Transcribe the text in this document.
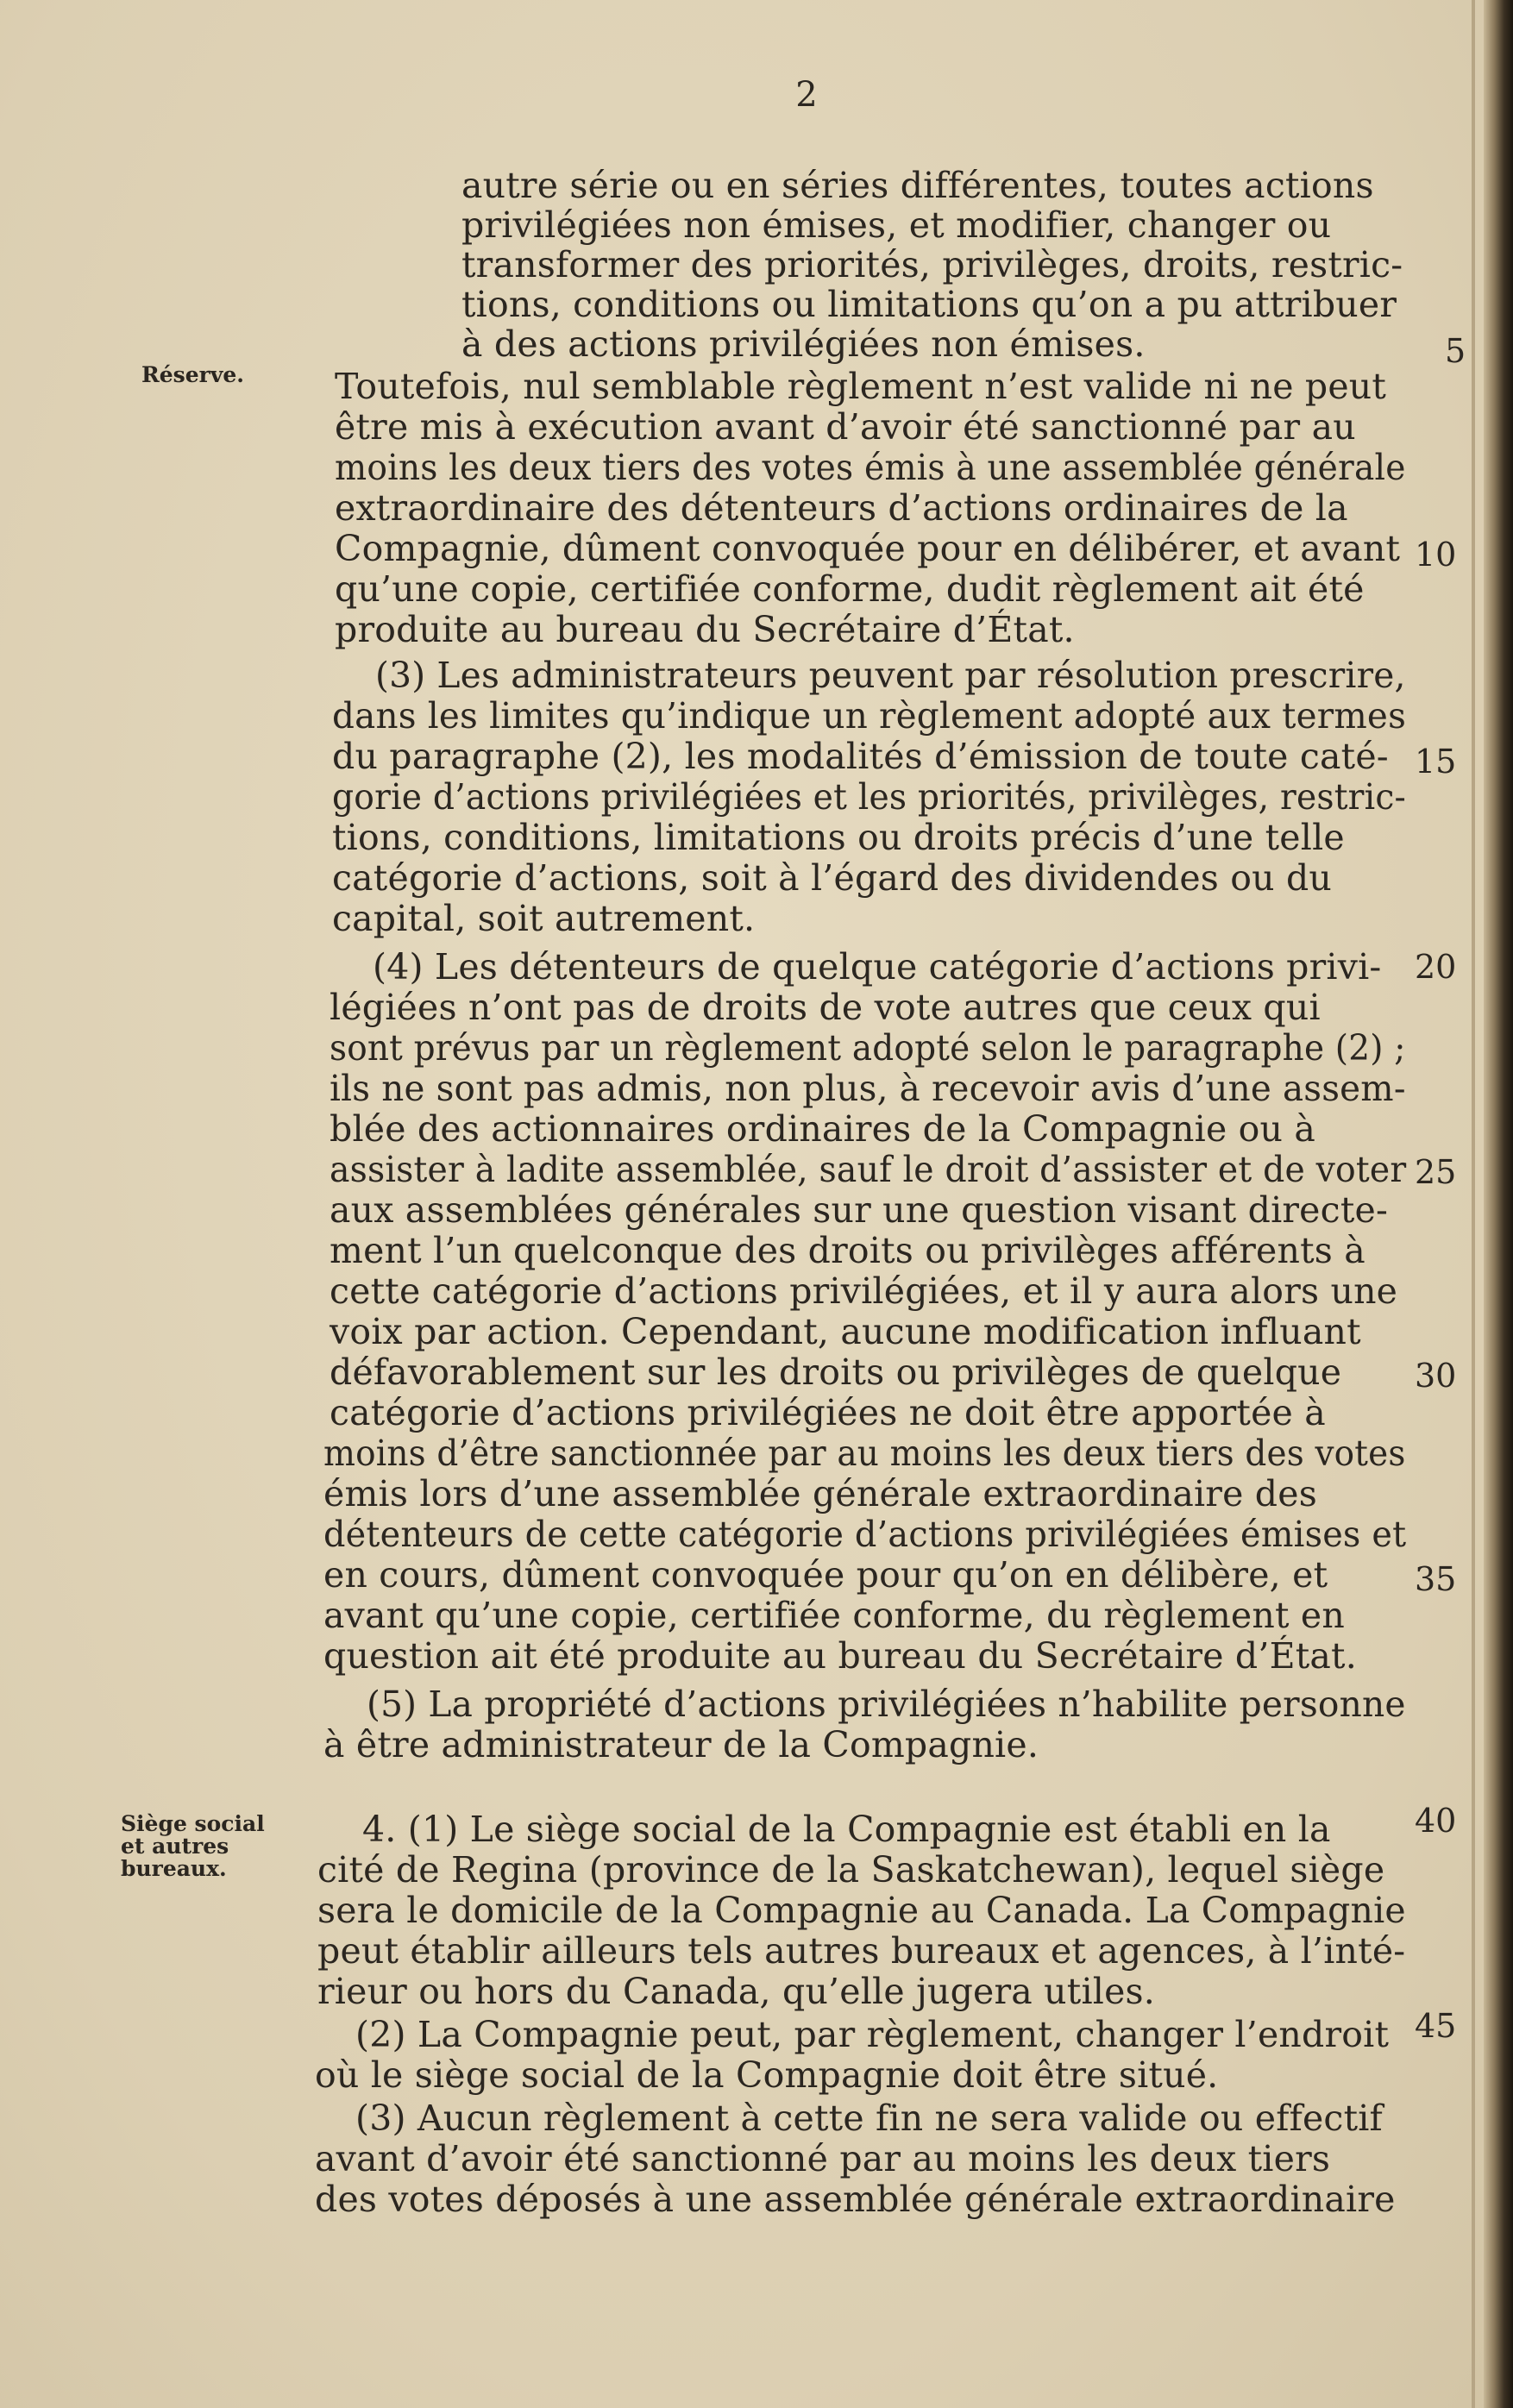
2
Réserve.
Siège social
et autres
bureaux.
5
10
15
20
25
30
35
40
45
autre série ou en séries différentes, toutes actions
privilégiées non émises, et modifier, changer ou
transformer des priorités, privilèges, droits, restric-
tions, conditions ou limitations qu’on a pu attribuer
à des actions privilégiées non émises.
Toutefois, nul semblable règlement n’est valide ni ne peut
être mis à exécution avant d’avoir été sanctionné par au
moins les deux tiers des votes émis à une assemblée générale
extraordinaire des détenteurs d’actions ordinaires de la
Compagnie, dûment convoquée pour en délibérer, et avant
qu’une copie, certifiée conforme, dudit règlement ait été
produite au bureau du Secrétaire d’État.
(3) Les administrateurs peuvent par résolution prescrire,
dans les limites qu’indique un règlement adopté aux termes
du paragraphe (2), les modalités d’émission de toute caté-
gorie d’actions privilégiées et les priorités, privilèges, restric-
tions, conditions, limitations ou droits précis d’une telle
catégorie d’actions, soit à l’égard des dividendes ou du
capital, soit autrement.
(4) Les détenteurs de quelque catégorie d’actions privi-
légiées n’ont pas de droits de vote autres que ceux qui
sont prévus par un règlement adopté selon le paragraphe (2) ;
ils ne sont pas admis, non plus, à recevoir avis d’une assem-
blée des actionnaires ordinaires de la Compagnie ou à
assister à ladite assemblée, sauf le droit d’assister et de voter
aux assemblées générales sur une question visant directe-
ment l’un quelconque des droits ou privilèges afférents à
cette catégorie d’actions privilégiées, et il y aura alors une
voix par action. Cependant, aucune modification influant
défavorablement sur les droits ou privilèges de quelque
catégorie d’actions privilégiées ne doit être apportée à
moins d’être sanctionnée par au moins les deux tiers des votes
émis lors d’une assemblée générale extraordinaire des
détenteurs de cette catégorie d’actions privilégiées émises et
en cours, dûment convoquée pour qu’on en délibère, et
avant qu’une copie, certifiée conforme, du règlement en
question ait été produite au bureau du Secrétaire d’État.
(5) La propriété d’actions privilégiées n’habilite personne
à être administrateur de la Compagnie.
4. (1) Le siège social de la Compagnie est établi en la
cité de Regina (province de la Saskatchewan), lequel siège
sera le domicile de la Compagnie au Canada. La Compagnie
peut établir ailleurs tels autres bureaux et agences, à l’inté-
rieur ou hors du Canada, qu’elle jugera utiles.
(2) La Compagnie peut, par règlement, changer l’endroit
où le siège social de la Compagnie doit être situé.
(3) Aucun règlement à cette fin ne sera valide ou effectif
avant d’avoir été sanctionné par au moins les deux tiers
des votes déposés à une assemblée générale extraordinaire
